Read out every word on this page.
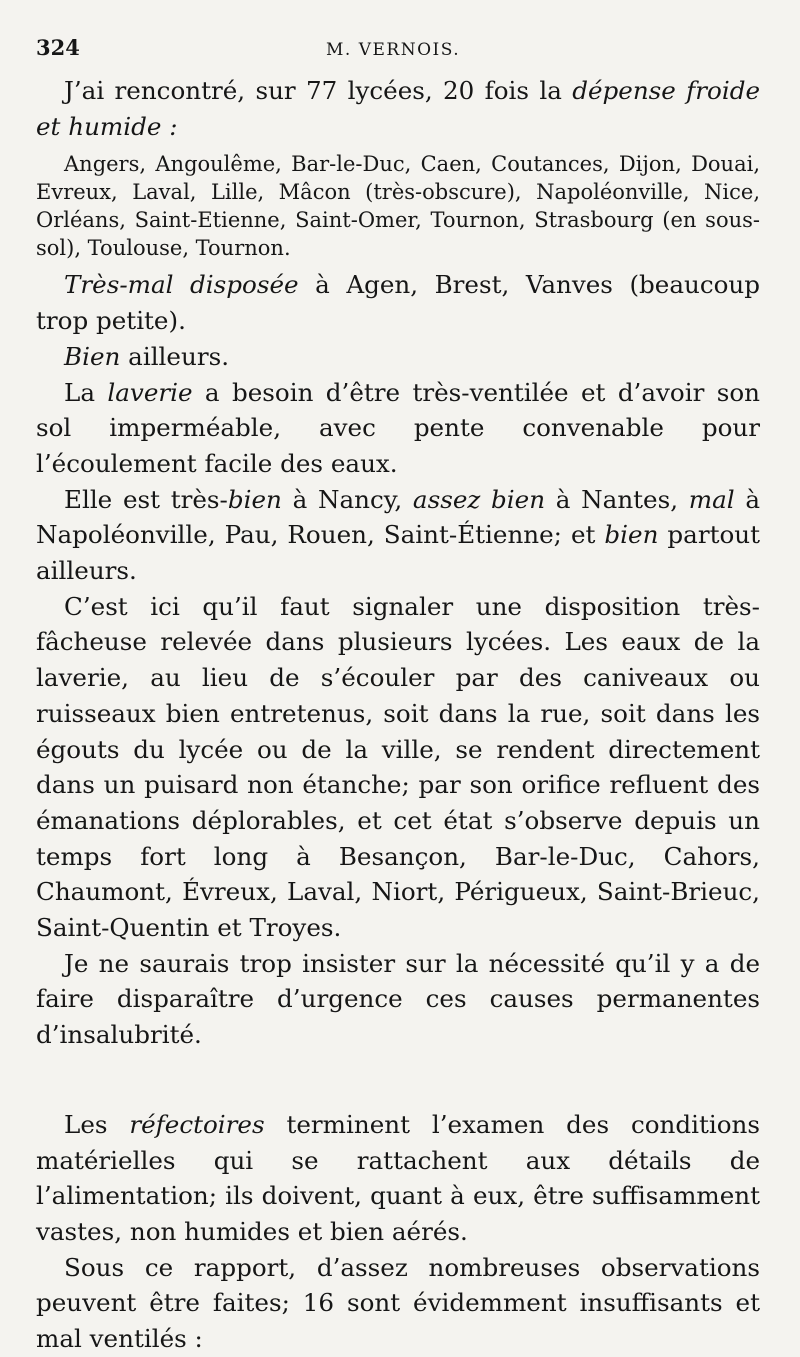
324	M. VERNOIS.

J’ai rencontré, sur 77 lycées, 20 fois la dépense froide et humide :

Angers, Angoulême, Bar-le-Duc, Caen, Coutances, Dijon, Douai, Evreux, Laval, Lille, Mâcon (très-obscure), Napoléonville, Nice, Orléans, Saint-Etienne, Saint-Omer, Tournon, Strasbourg (en sous-sol), Toulouse, Tournon.

Très-mal disposée à Agen, Brest, Vanves (beaucoup trop petite).

Bien ailleurs.

La laverie a besoin d’être très-ventilée et d’avoir son sol imperméable, avec pente convenable pour l’écoulement facile des eaux.

Elle est très-bien à Nancy, assez bien à Nantes, mal à Napoléonville, Pau, Rouen, Saint-Étienne; et bien partout ailleurs.

C’est ici qu’il faut signaler une disposition très-fâcheuse relevée dans plusieurs lycées. Les eaux de la laverie, au lieu de s’écouler par des caniveaux ou ruisseaux bien entretenus, soit dans la rue, soit dans les égouts du lycée ou de la ville, se rendent directement dans un puisard non étanche; par son orifice refluent des émanations déplorables, et cet état s’observe depuis un temps fort long à Besançon, Bar-le-Duc, Cahors, Chaumont, Évreux, Laval, Niort, Périgueux, Saint-Brieuc, Saint-Quentin et Troyes.

Je ne saurais trop insister sur la nécessité qu’il y a de faire disparaître d’urgence ces causes permanentes d’insalubrité.

Les réfectoires terminent l’examen des conditions matérielles qui se rattachent aux détails de l’alimentation; ils doivent, quant à eux, être suffisamment vastes, non humides et bien aérés.

Sous ce rapport, d’assez nombreuses observations peuvent être faites; 16 sont évidemment insuffisants et mal ventilés :
